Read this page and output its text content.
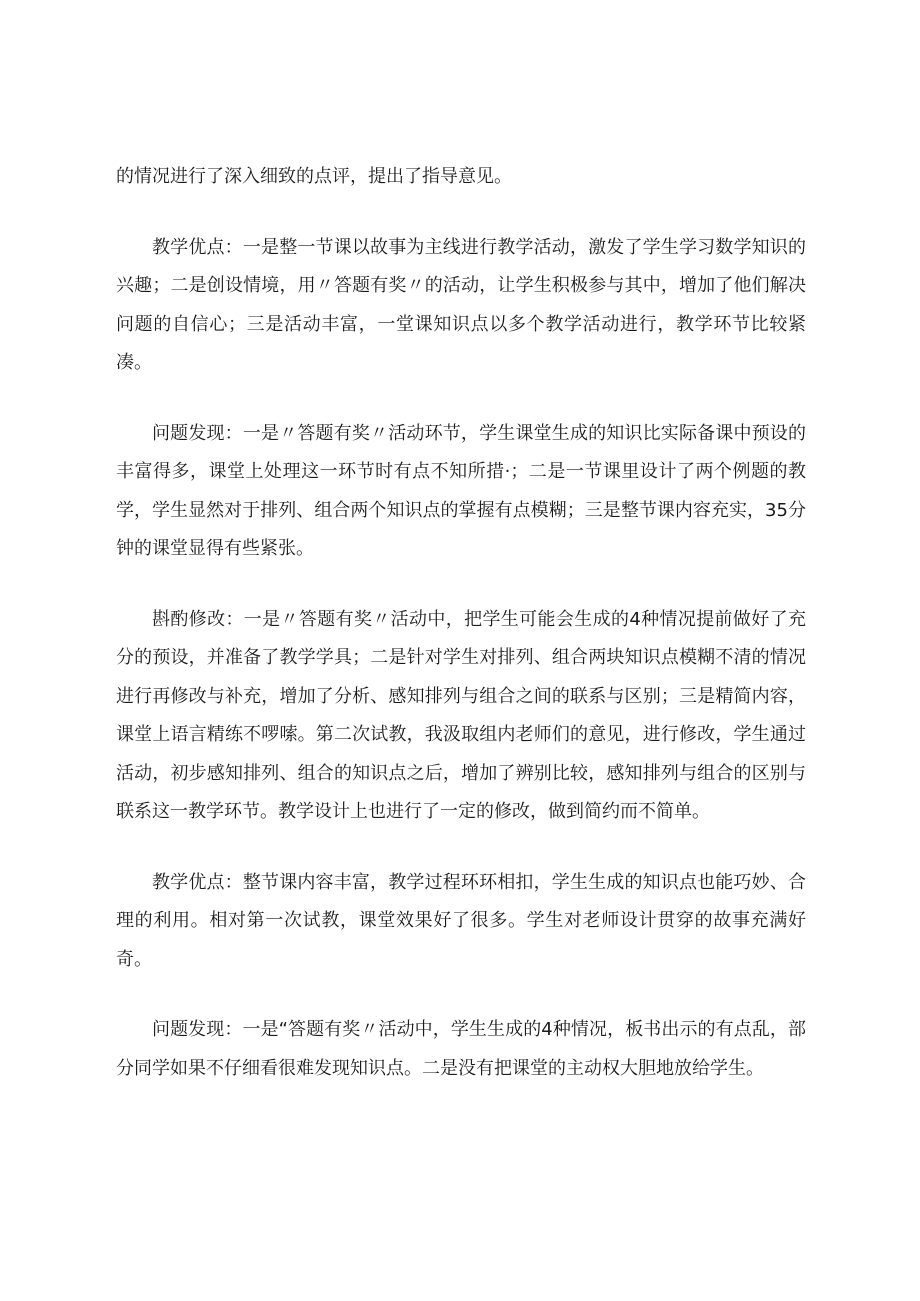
的情况进行了深入细致的点评，提出了指导意见。

教学优点：一是整一节课以故事为主线进行教学活动，激发了学生学习数学知识的兴趣；二是创设情境，用〃答题有奖〃的活动，让学生积极参与其中，增加了他们解决问题的自信心；三是活动丰富，一堂课知识点以多个教学活动进行，教学环节比较紧凑。

问题发现：一是〃答题有奖〃活动环节，学生课堂生成的知识比实际备课中预设的丰富得多，课堂上处理这一环节时有点不知所措·；二是一节课里设计了两个例题的教学，学生显然对于排列、组合两个知识点的掌握有点模糊；三是整节课内容充实，35分钟的课堂显得有些紧张。

斟酌修改：一是〃答题有奖〃活动中，把学生可能会生成的4种情况提前做好了充分的预设，并准备了教学学具；二是针对学生对排列、组合两块知识点模糊不清的情况进行再修改与补充，增加了分析、感知排列与组合之间的联系与区别；三是精简内容，课堂上语言精练不啰嗦。第二次试教，我汲取组内老师们的意见，进行修改，学生通过活动，初步感知排列、组合的知识点之后，增加了辨别比较，感知排列与组合的区别与联系这一教学环节。教学设计上也进行了一定的修改，做到简约而不简单。

教学优点：整节课内容丰富，教学过程环环相扣，学生生成的知识点也能巧妙、合理的利用。相对第一次试教，课堂效果好了很多。学生对老师设计贯穿的故事充满好奇。

问题发现：一是“答题有奖〃活动中，学生生成的4种情况，板书出示的有点乱，部分同学如果不仔细看很难发现知识点。二是没有把课堂的主动权大胆地放给学生。
